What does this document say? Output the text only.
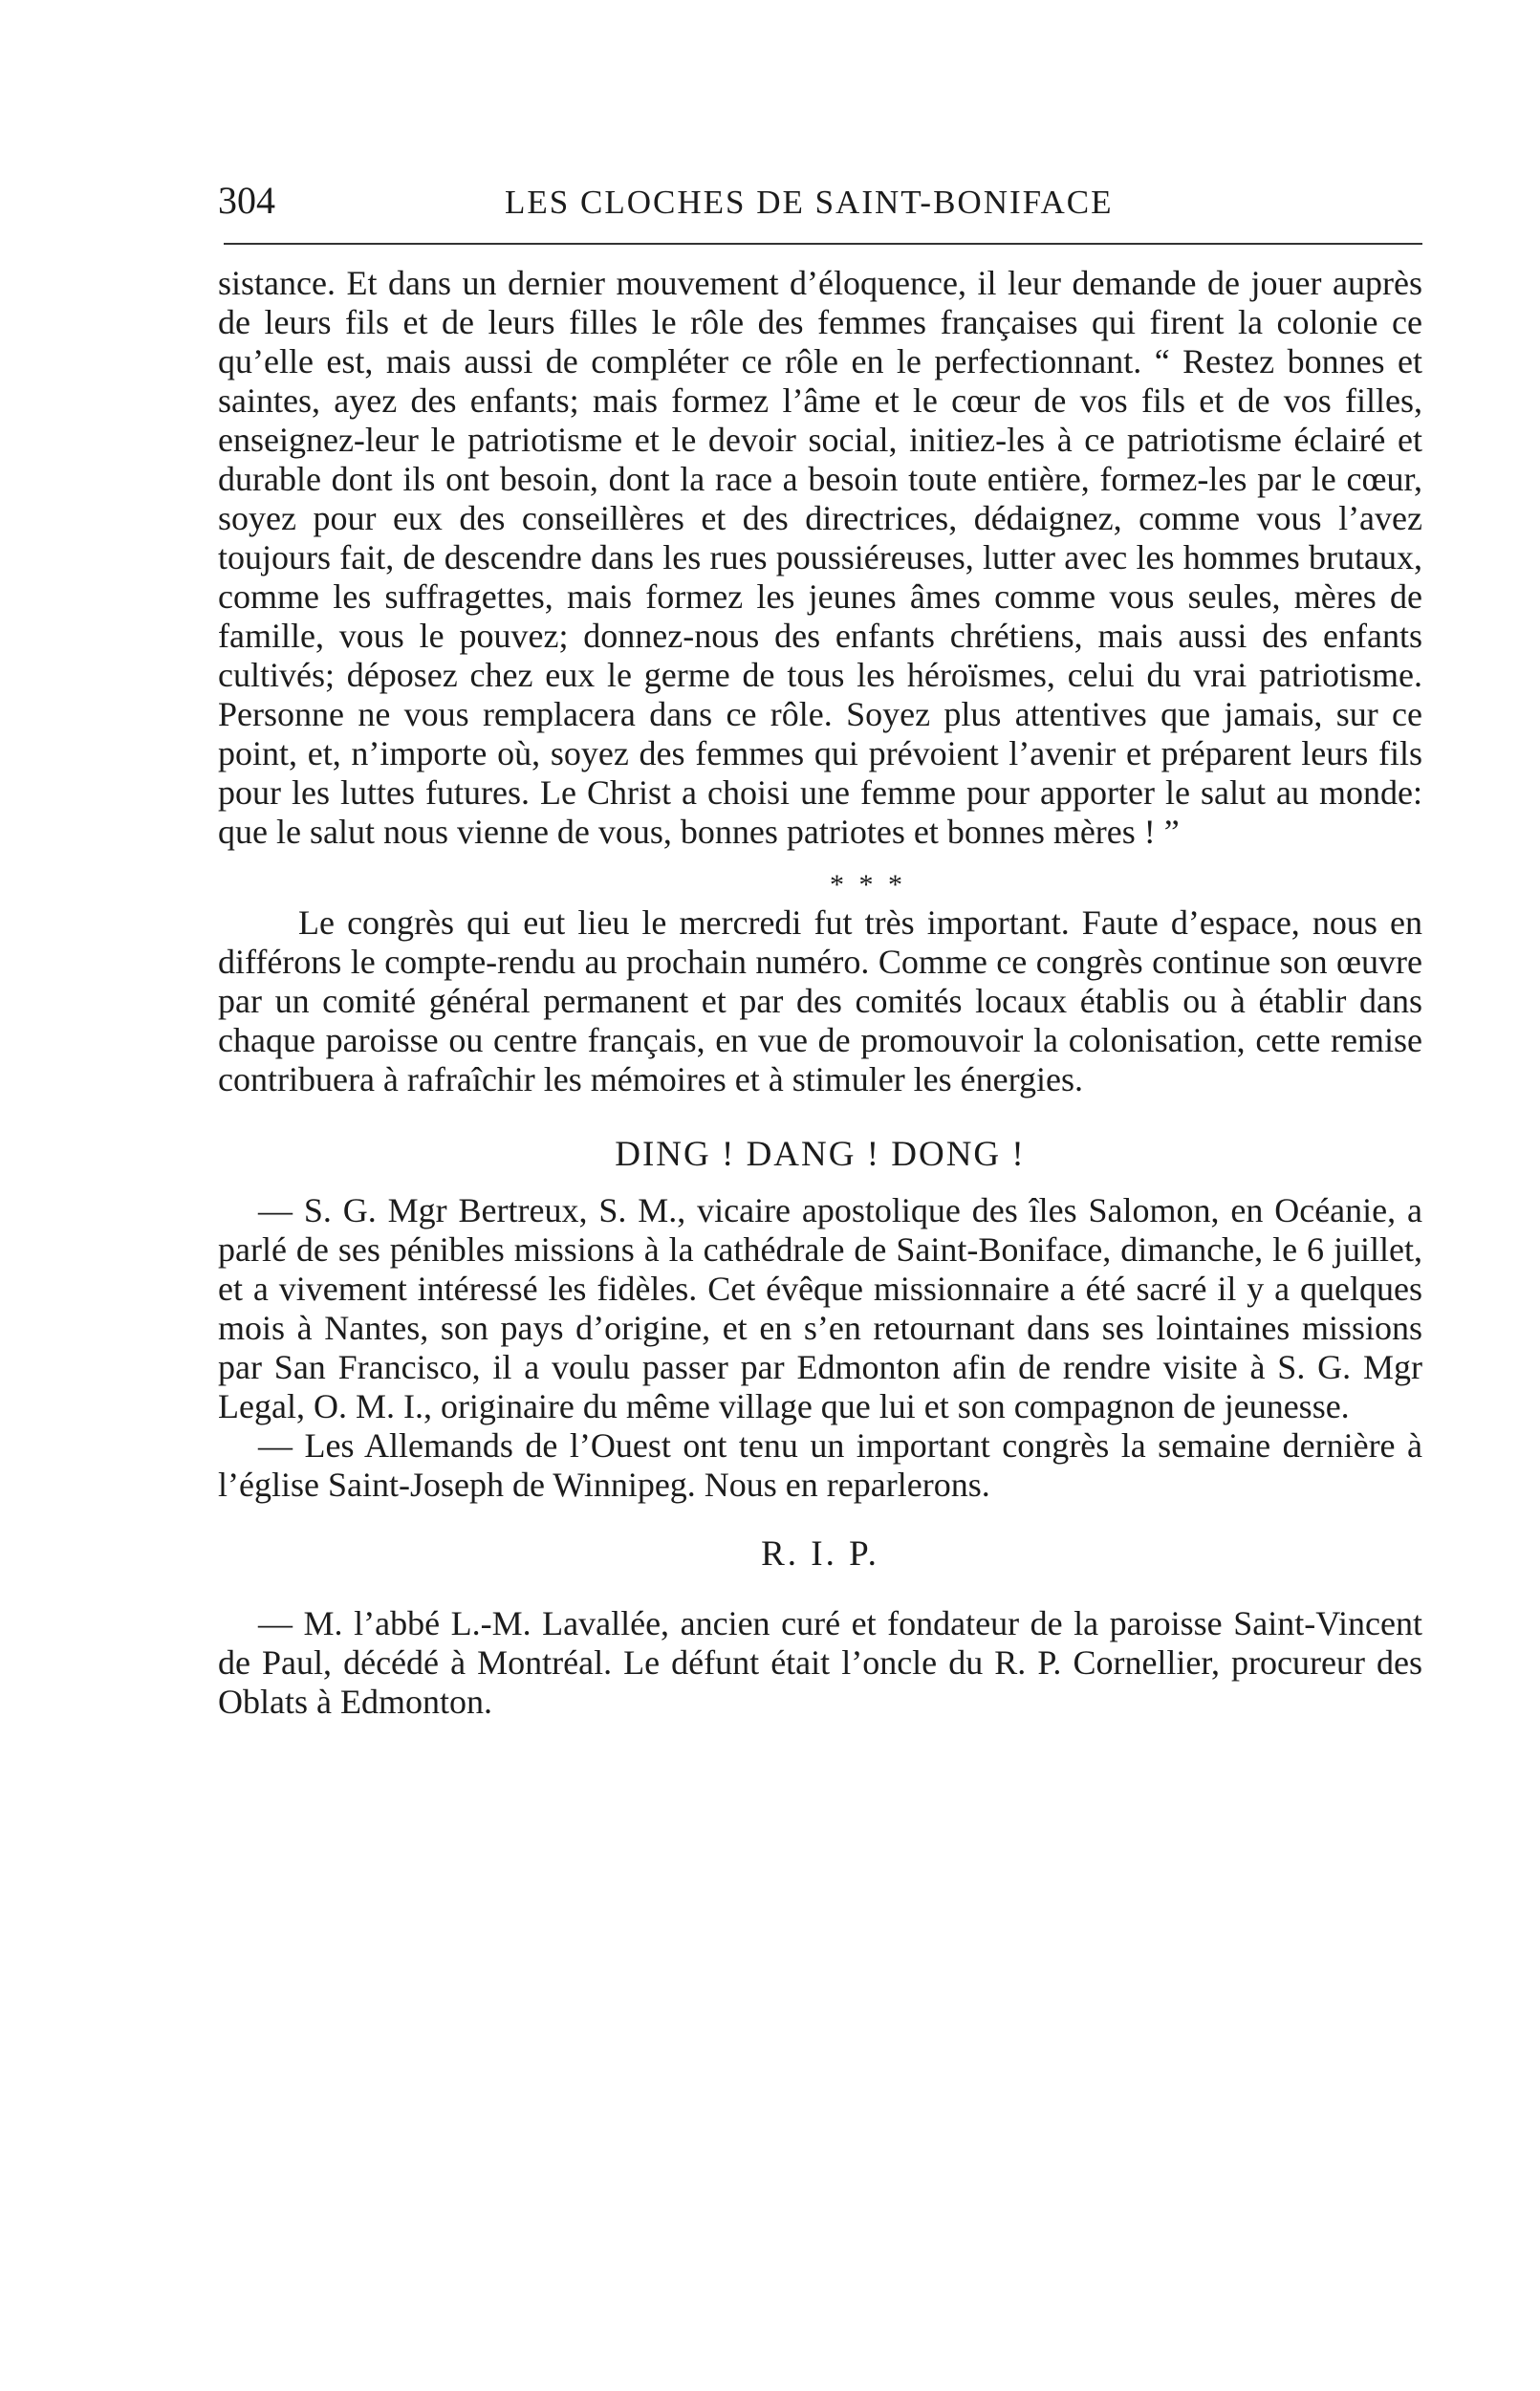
304	LES CLOCHES DE SAINT-BONIFACE

sistance. Et dans un dernier mouvement d’éloquence, il leur demande de jouer auprès de leurs fils et de leurs filles le rôle des femmes françaises qui firent la colonie ce qu’elle est, mais aussi de compléter ce rôle en le perfectionnant. “ Restez bonnes et saintes, ayez des enfants; mais formez l’âme et le cœur de vos fils et de vos filles, enseignez-leur le patriotisme et le devoir social, initiez-les à ce patriotisme éclairé et durable dont ils ont besoin, dont la race a besoin toute entière, formez-les par le cœur, soyez pour eux des conseillères et des directrices, dédaignez, comme vous l’avez toujours fait, de descendre dans les rues poussiéreuses, lutter avec les hommes brutaux, comme les suffragettes, mais formez les jeunes âmes comme vous seules, mères de famille, vous le pouvez; donnez-nous des enfants chrétiens, mais aussi des enfants cultivés; déposez chez eux le germe de tous les héroïsmes, celui du vrai patriotisme. Personne ne vous remplacera dans ce rôle. Soyez plus attentives que jamais, sur ce point, et, n’importe où, soyez des femmes qui prévoient l’avenir et préparent leurs fils pour les luttes futures. Le Christ a choisi une femme pour apporter le salut au monde: que le salut nous vienne de vous, bonnes patriotes et bonnes mères ! ”

* * *

Le congrès qui eut lieu le mercredi fut très important. Faute d’espace, nous en différons le compte-rendu au prochain numéro. Comme ce congrès continue son œuvre par un comité général permanent et par des comités locaux établis ou à établir dans chaque paroisse ou centre français, en vue de promouvoir la colonisation, cette remise contribuera à rafraîchir les mémoires et à stimuler les énergies.

DING ! DANG ! DONG !

— S. G. Mgr Bertreux, S. M., vicaire apostolique des îles Salomon, en Océanie, a parlé de ses pénibles missions à la cathédrale de Saint-Boniface, dimanche, le 6 juillet, et a vivement intéressé les fidèles. Cet évêque missionnaire a été sacré il y a quelques mois à Nantes, son pays d’origine, et en s’en retournant dans ses lointaines missions par San Francisco, il a voulu passer par Edmonton afin de rendre visite à S. G. Mgr Legal, O. M. I., originaire du même village que lui et son compagnon de jeunesse.

— Les Allemands de l’Ouest ont tenu un important congrès la semaine dernière à l’église Saint-Joseph de Winnipeg. Nous en reparlerons.

R. I. P.

— M. l’abbé L.-M. Lavallée, ancien curé et fondateur de la paroisse Saint-Vincent de Paul, décédé à Montréal. Le défunt était l’oncle du R. P. Cornellier, procureur des Oblats à Edmonton.
